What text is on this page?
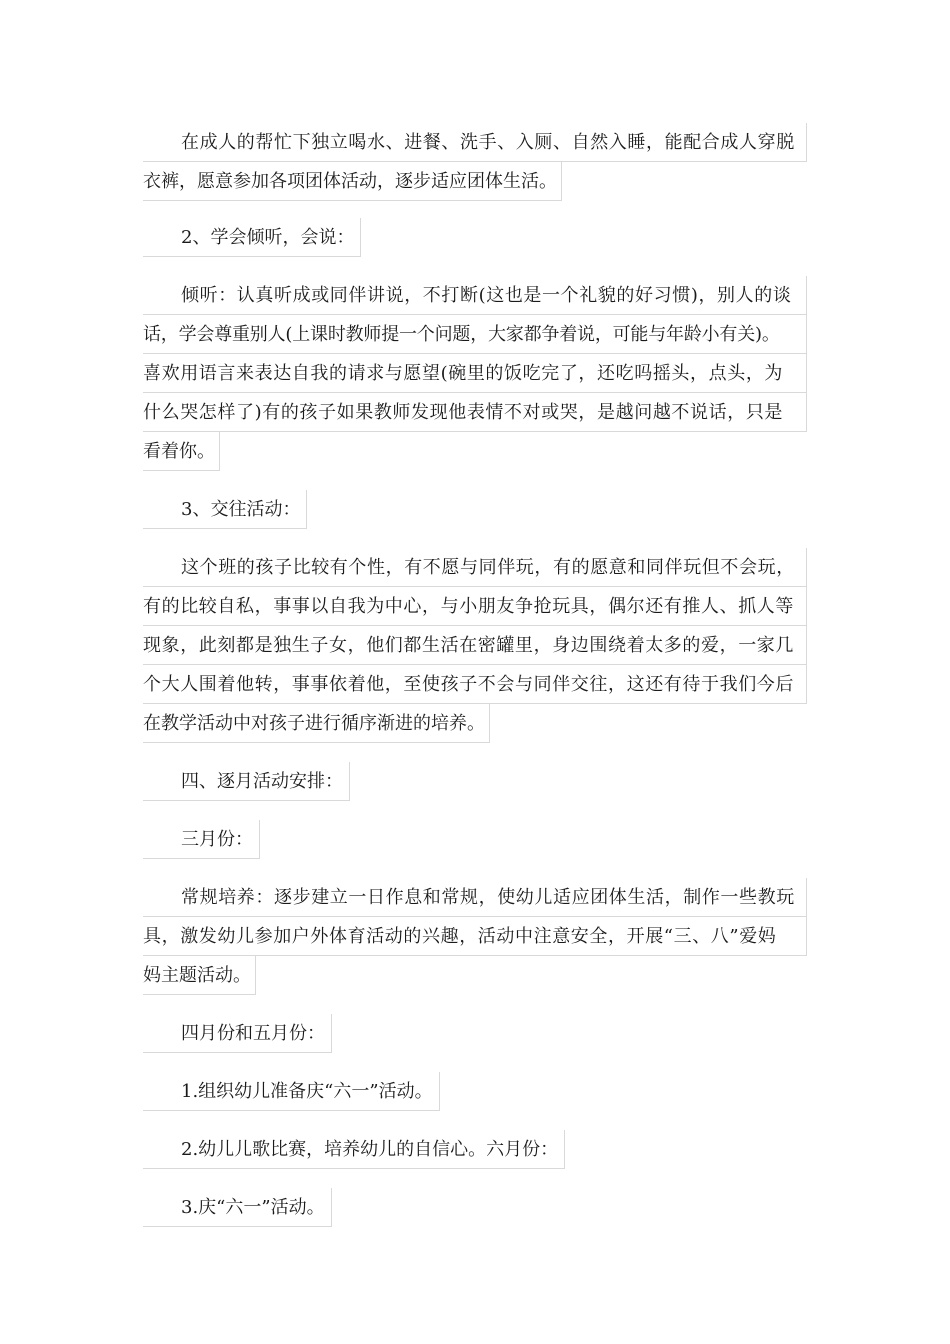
在成人的帮忙下独立喝水、进餐、洗手、入厕、自然入睡，能配合成人穿脱
衣裤，愿意参加各项团体活动，逐步适应团体生活。
2、学会倾听，会说：
倾听：认真听成或同伴讲说，不打断(这也是一个礼貌的好习惯)，别人的谈
话，学会尊重别人(上课时教师提一个问题，大家都争着说，可能与年龄小有关)。
喜欢用语言来表达自我的请求与愿望(碗里的饭吃完了，还吃吗摇头，点头，为
什么哭怎样了)有的孩子如果教师发现他表情不对或哭，是越问越不说话，只是
看着你。
3、交往活动：
这个班的孩子比较有个性，有不愿与同伴玩，有的愿意和同伴玩但不会玩，
有的比较自私，事事以自我为中心，与小朋友争抢玩具，偶尔还有推人、抓人等
现象，此刻都是独生子女，他们都生活在密罐里，身边围绕着太多的爱，一家几
个大人围着他转，事事依着他，至使孩子不会与同伴交往，这还有待于我们今后
在教学活动中对孩子进行循序渐进的培养。
四、逐月活动安排：
三月份：
常规培养：逐步建立一日作息和常规，使幼儿适应团体生活，制作一些教玩
具，激发幼儿参加户外体育活动的兴趣，活动中注意安全，开展“三、八”爱妈
妈主题活动。
四月份和五月份：
1.组织幼儿准备庆“六一”活动。
2.幼儿儿歌比赛，培养幼儿的自信心。六月份：
3.庆“六一”活动。
